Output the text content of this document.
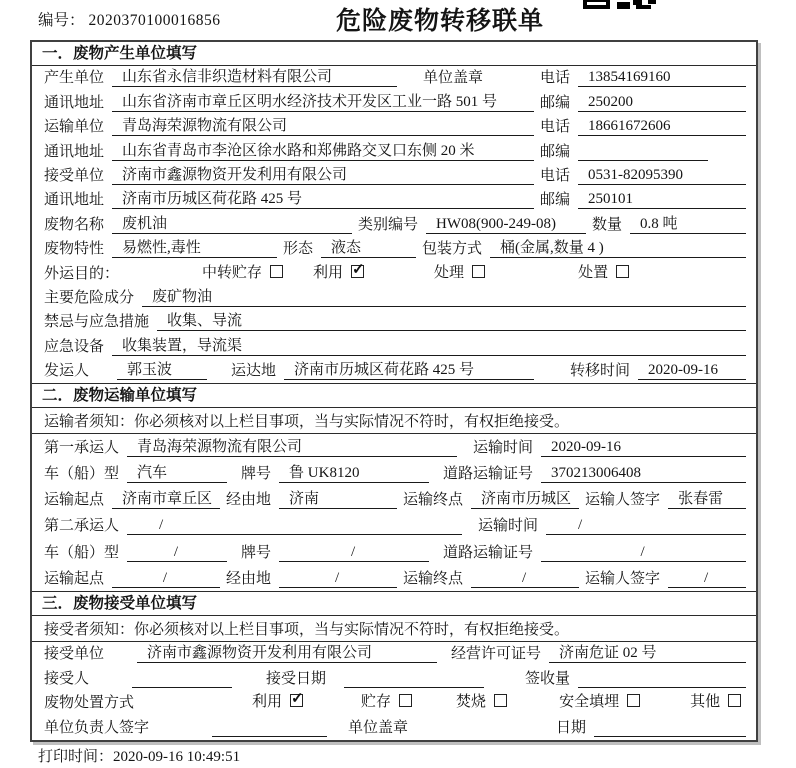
编号： 2020370100016856	危险废物转移联单
一．废物产生单位填写
产生单位	山东省永信非织造材料有限公司	单位盖章	电话	13854169160
通讯地址	山东省济南市章丘区明水经济技术开发区工业一路 501 号	邮编	250200
运输单位	青岛海荣源物流有限公司	电话	18661672606
通讯地址	山东省青岛市李沧区徐水路和郑佛路交叉口东侧 20 米	邮编
接受单位	济南市鑫源物资开发利用有限公司	电话	0531-82095390
通讯地址	济南市历城区荷花路 425 号	邮编	250101
废物名称	废机油	类别编号	HW08(900-249-08)	数量	0.8 吨
废物特性	易燃性,毒性	形态	液态	包装方式	桶(金属,数量 4 )
外运目的：	中转贮存	利用 ✓	处理	处置
主要危险成分	废矿物油
禁忌与应急措施	收集、导流
应急设备	收集装置，导流渠
发运人	郭玉波	运达地	济南市历城区荷花路 425 号	转移时间	2020-09-16
二．废物运输单位填写
运输者须知：你必须核对以上栏目事项，当与实际情况不符时，有权拒绝接受。
第一承运人	青岛海荣源物流有限公司	运输时间	2020-09-16
车（船）型	汽车	牌号	鲁 UK8120	道路运输证号	370213006408
运输起点	济南市章丘区 经由地	济南	运输终点	济南市历城区 运输人签字	张春雷
第二承运人	/	运输时间	/
车（船）型	/	牌号	/	道路运输证号	/
运输起点	/	经由地	/	运输终点	/	运输人签字	/
三．废物接受单位填写
接受者须知：你必须核对以上栏目事项，当与实际情况不符时，有权拒绝接受。
接受单位	济南市鑫源物资开发利用有限公司	经营许可证号	济南危证 02 号
接受人	接受日期	签收量
废物处置方式	利用 ✓	贮存	焚烧	安全填埋	其他
单位负责人签字	单位盖章	日期
打印时间：2020-09-16 10:49:51
